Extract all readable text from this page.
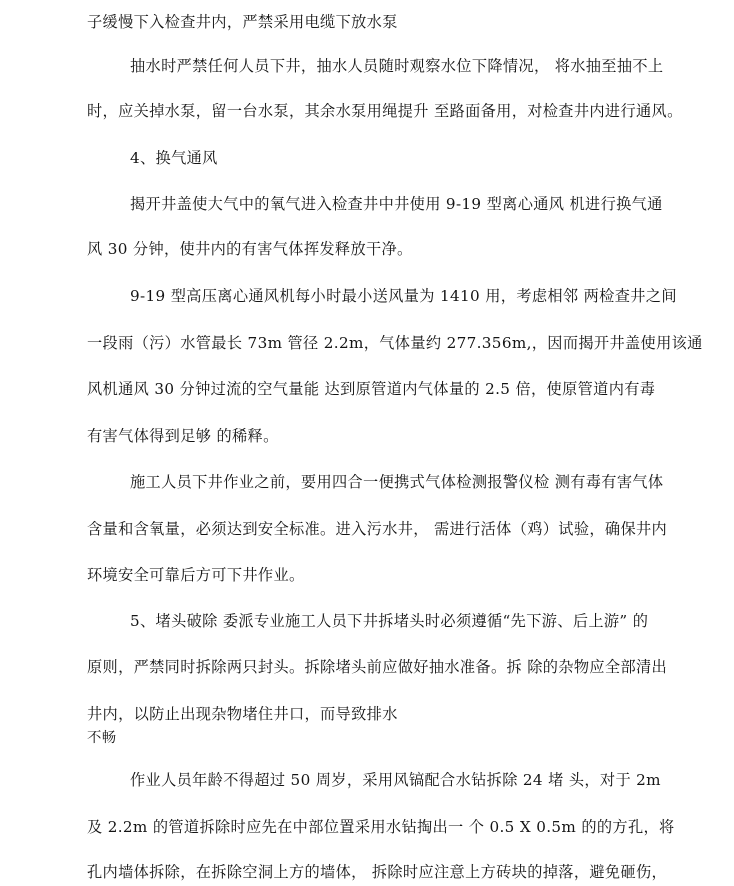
子缓慢下入检查井内，严禁采用电缆下放水泵
抽水时严禁任何人员下井，抽水人员随时观察水位下降情况， 将水抽至抽不上
时，应关掉水泵，留一台水泵，其余水泵用绳提升 至路面备用，对检查井内进行通风。
4、换气通风
揭开井盖使大气中的氧气进入检查井中井使用 9-19 型离心通风 机进行换气通
风 30 分钟，使井内的有害气体挥发释放干净。
9-19 型高压离心通风机每小时最小送风量为 1410 用，考虑相邻 两检查井之间
一段雨（污）水管最长 73m 管径 2.2m，气体量约 277.356m,，因而揭开井盖使用该通
风机通风 30 分钟过流的空气量能 达到原管道内气体量的 2.5 倍，使原管道内有毒
有害气体得到足够 的稀释。
施工人员下井作业之前，要用四合一便携式气体检测报警仪检 测有毒有害气体
含量和含氧量，必须达到安全标准。进入污水井， 需进行活体（鸡）试验，确保井内
环境安全可靠后方可下井作业。
5、堵头破除 委派专业施工人员下井拆堵头时必须遵循“先下游、后上游” 的
原则，严禁同时拆除两只封头。拆除堵头前应做好抽水准备。拆 除的杂物应全部清出
井内，以防止出现杂物堵住井口，而导致排水
不畅
作业人员年龄不得超过 50 周岁，采用风镐配合水钻拆除 24 堵 头，对于 2m
及 2.2m 的管道拆除时应先在中部位置采用水钻掏出一 个 0.5 X 0.5m 的的方孔，将
孔内墙体拆除，在拆除空洞上方的墙体， 拆除时应注意上方砖块的掉落，避免砸伤，
